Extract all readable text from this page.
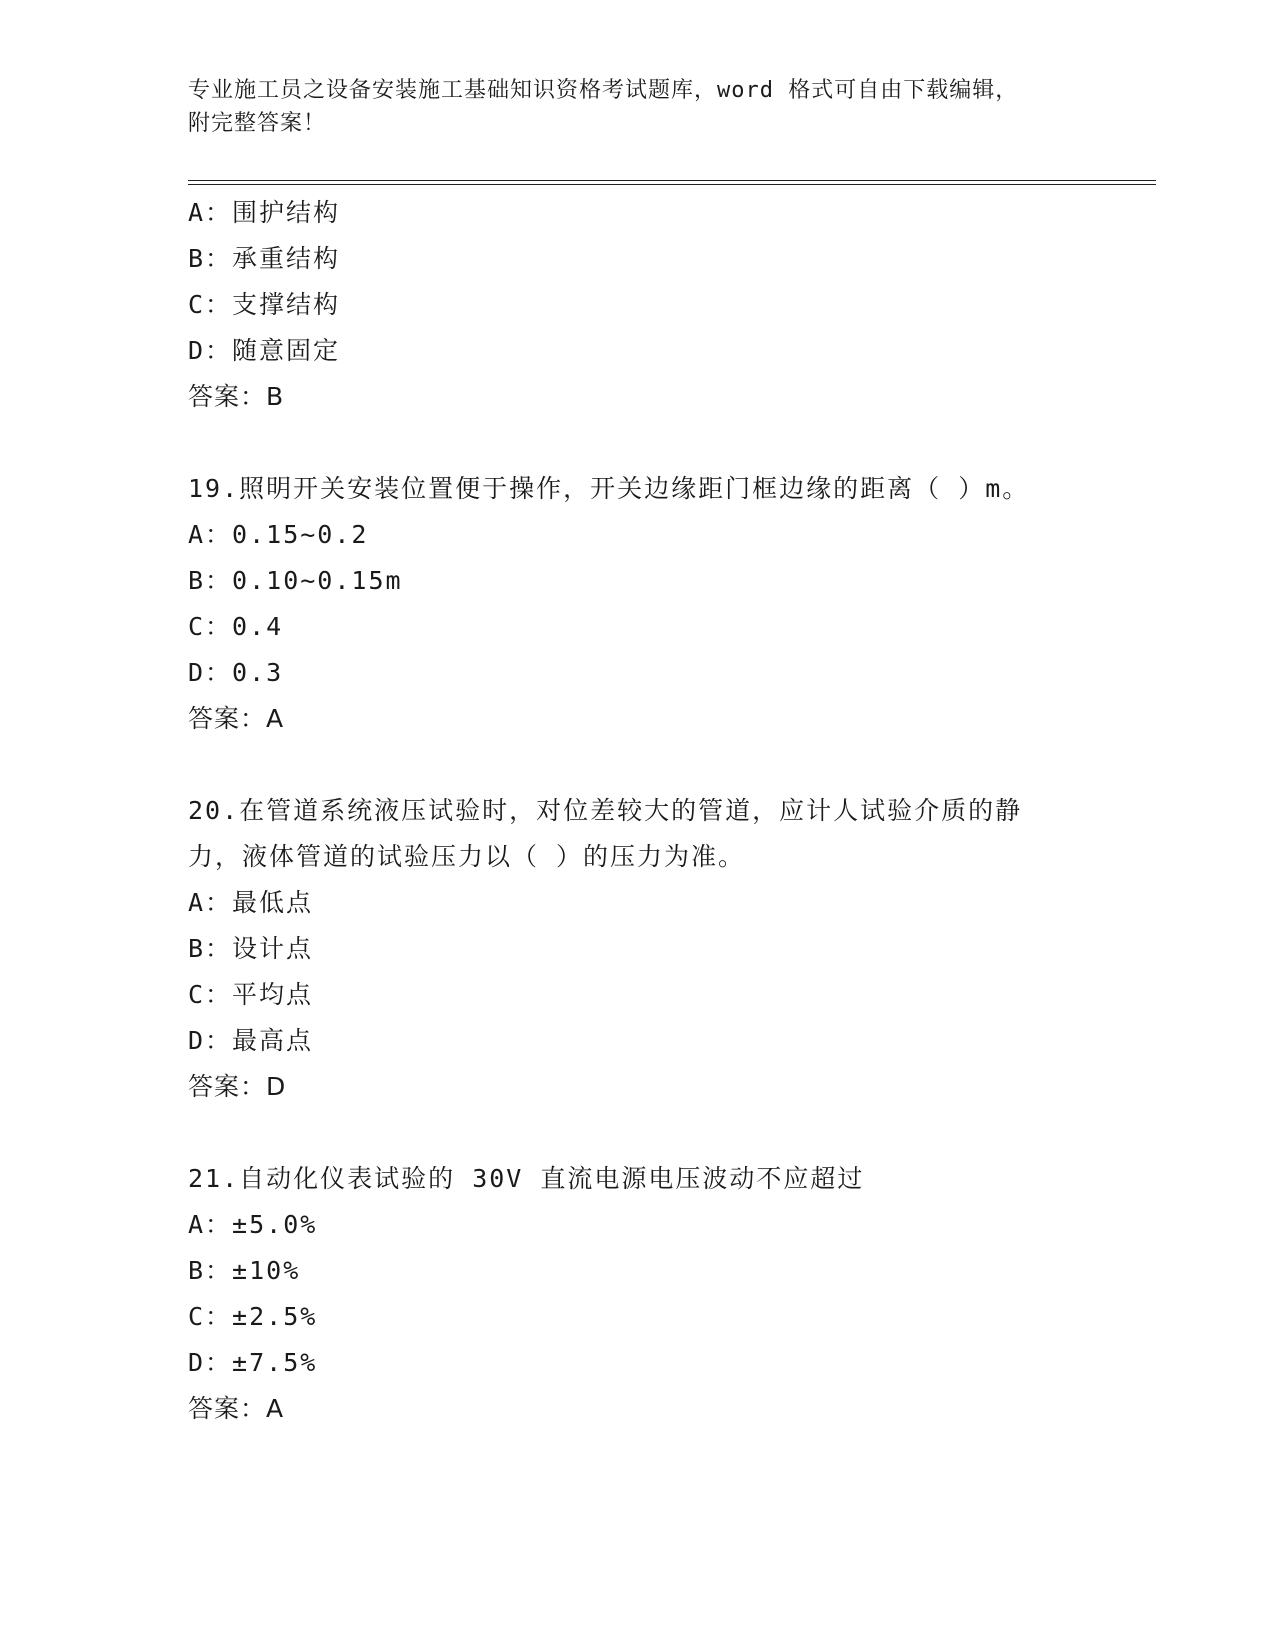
专业施工员之设备安装施工基础知识资格考试题库，word 格式可自由下载编辑，
附完整答案！
A：围护结构
B：承重结构
C：支撑结构
D：随意固定
答案：B
19.照明开关安装位置便于操作，开关边缘距门框边缘的距离（ ）m。
A：0.15~0.2
B：0.10~0.15m
C：0.4
D：0.3
答案：A
20.在管道系统液压试验时，对位差较大的管道，应计人试验介质的静
力，液体管道的试验压力以（ ）的压力为准。
A：最低点
B：设计点
C：平均点
D：最高点
答案：D
21.自动化仪表试验的 30V 直流电源电压波动不应超过
A：±5.0%
B：±10%
C：±2.5%
D：±7.5%
答案：A
